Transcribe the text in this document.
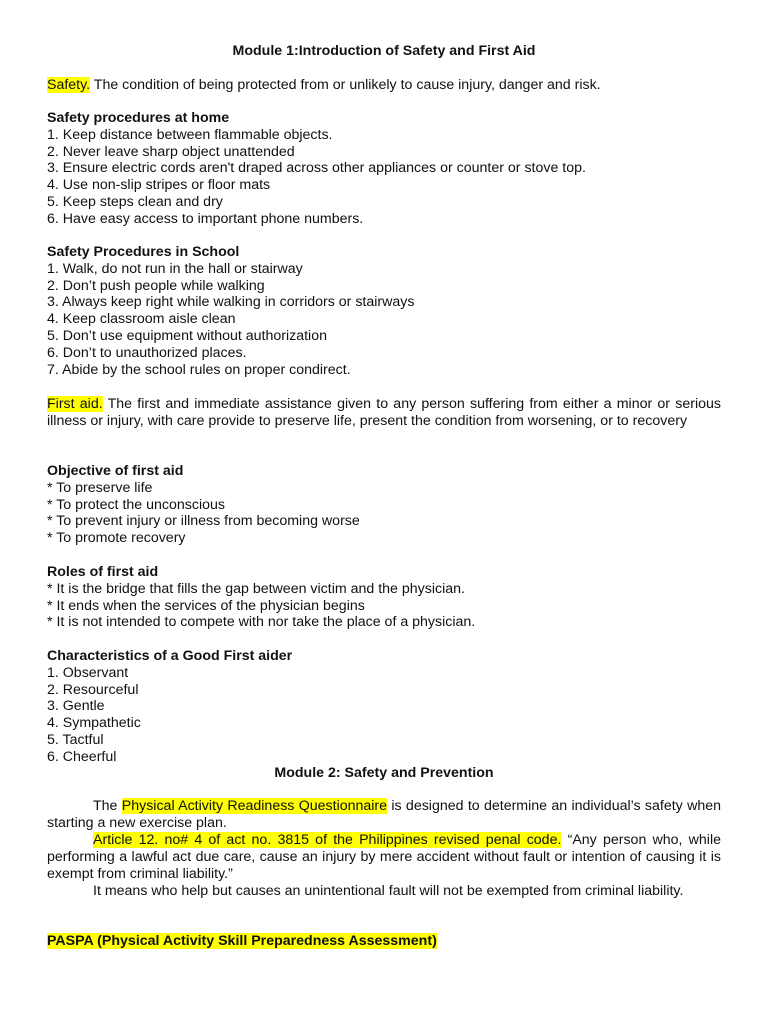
Module 1:Introduction of Safety and First Aid
Safety. The condition of being protected from or unlikely to cause injury, danger and risk.
Safety procedures at home
1. Keep distance between flammable objects.
2. Never leave sharp object unattended
3. Ensure electric cords aren't draped across other appliances or counter or stove top.
4. Use non-slip stripes or floor mats
5. Keep steps clean and dry
6. Have easy access to important phone numbers.
Safety Procedures in School
1. Walk, do not run in the hall or stairway
2. Don’t push people while walking
3. Always keep right while walking in corridors or stairways
4. Keep classroom aisle clean
5. Don’t use equipment without authorization
6. Don’t to unauthorized places.
7. Abide by the school rules on proper condirect.
First aid. The first and immediate assistance given to any person suffering from either a minor or serious illness or injury, with care provide to preserve life, present the condition from worsening, or to recovery
Objective of first aid
* To preserve life
* To protect the unconscious
* To prevent injury or illness from becoming worse
* To promote recovery
Roles of first aid
* It is the bridge that fills the gap between victim and the physician.
* It ends when the services of the physician begins
* It is not intended to compete with nor take the place of a physician.
Characteristics of a Good First aider
1. Observant
2. Resourceful
3. Gentle
4. Sympathetic
5. Tactful
6. Cheerful
Module 2: Safety and Prevention
The Physical Activity Readiness Questionnaire is designed to determine an individual’s safety when starting a new exercise plan.
Article 12. no# 4 of act no. 3815 of the Philippines revised penal code. “Any person who, while performing a lawful act due care, cause an injury by mere accident without fault or intention of causing it is exempt from criminal liability.”
It means who help but causes an unintentional fault will not be exempted from criminal liability.
PASPA (Physical Activity Skill Preparedness Assessment)
